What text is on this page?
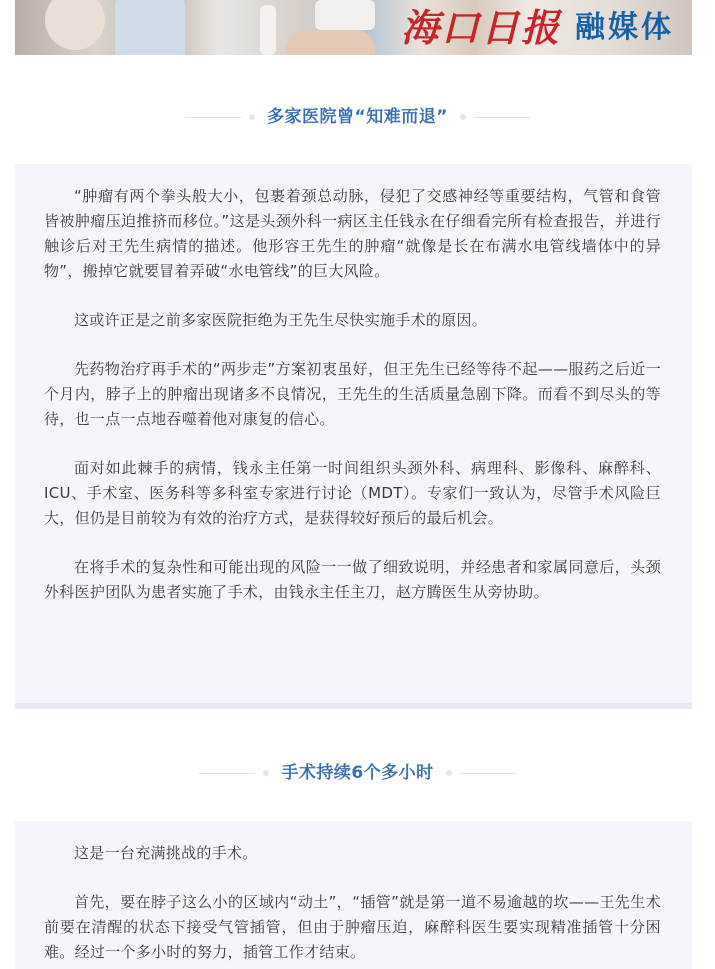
海口日报 融媒体
多家医院曾“知难而退”

“肿瘤有两个拳头般大小，包裹着颈总动脉，侵犯了交感神经等重要结构，气管和食管皆被肿瘤压迫推挤而移位。”这是头颈外科一病区主任钱永在仔细看完所有检查报告，并进行触诊后对王先生病情的描述。他形容王先生的肿瘤“就像是长在布满水电管线墙体中的异物”，搬掉它就要冒着弄破“水电管线”的巨大风险。

这或许正是之前多家医院拒绝为王先生尽快实施手术的原因。

先药物治疗再手术的“两步走”方案初衷虽好，但王先生已经等待不起——服药之后近一个月内，脖子上的肿瘤出现诸多不良情况，王先生的生活质量急剧下降。而看不到尽头的等待，也一点一点地吞噬着他对康复的信心。

面对如此棘手的病情，钱永主任第一时间组织头颈外科、病理科、影像科、麻醉科、ICU、手术室、医务科等多科室专家进行讨论（MDT）。专家们一致认为，尽管手术风险巨大，但仍是目前较为有效的治疗方式，是获得较好预后的最后机会。

在将手术的复杂性和可能出现的风险一一做了细致说明，并经患者和家属同意后，头颈外科医护团队为患者实施了手术，由钱永主任主刀，赵方腾医生从旁协助。

手术持续6个多小时

这是一台充满挑战的手术。

首先，要在脖子这么小的区域内“动土”，“插管”就是第一道不易逾越的坎——王先生术前要在清醒的状态下接受气管插管，但由于肿瘤压迫，麻醉科医生要实现精准插管十分困难。经过一个多小时的努力，插管工作才结束。
